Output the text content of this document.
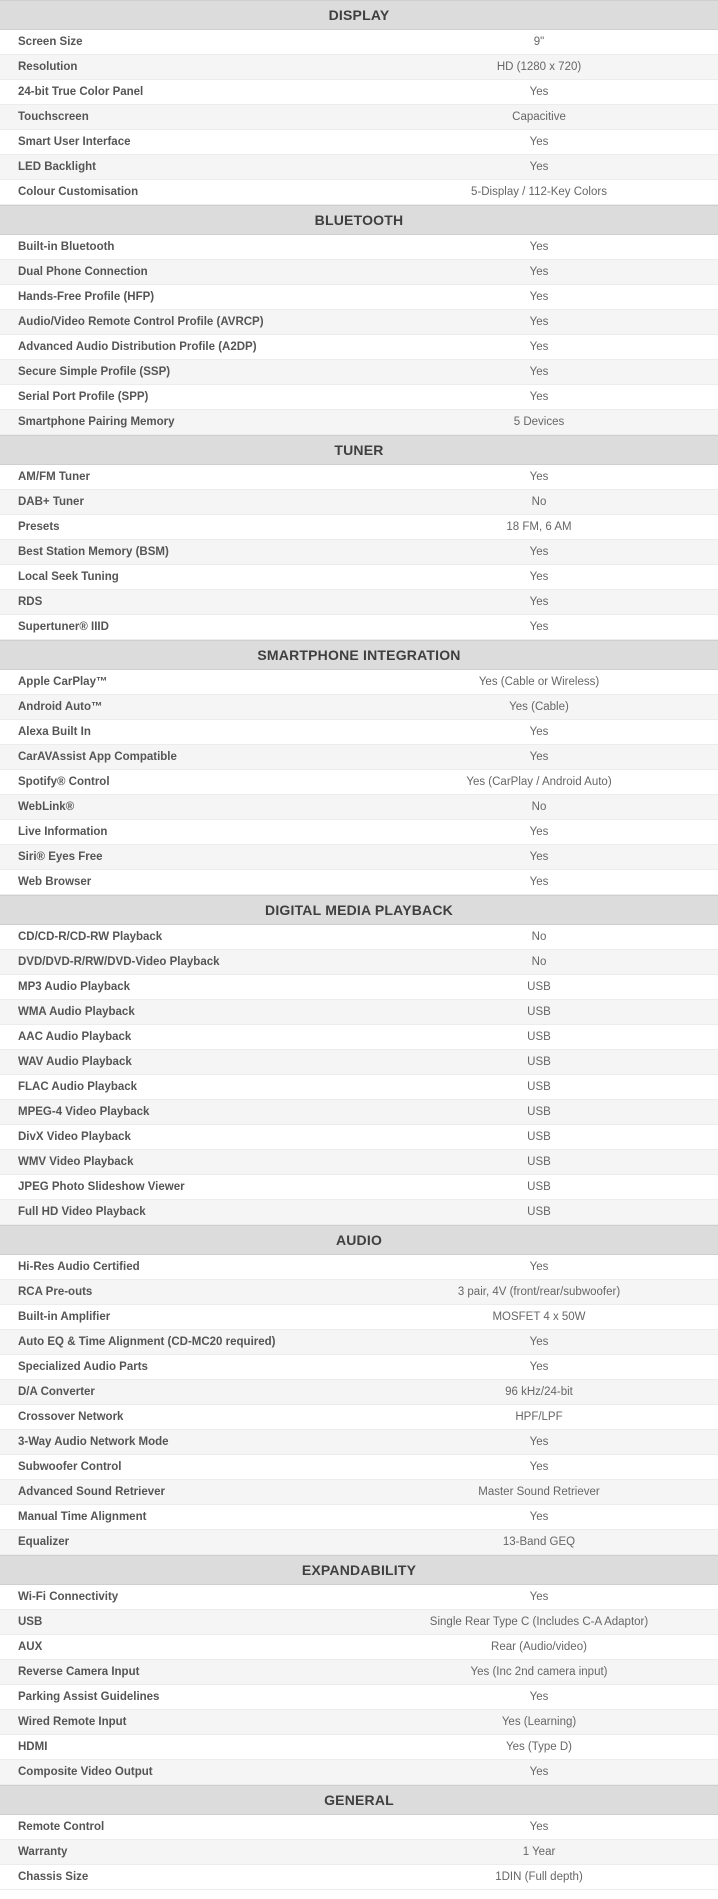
DISPLAY
Screen Size	9"
Resolution	HD (1280 x 720)
24-bit True Color Panel	Yes
Touchscreen	Capacitive
Smart User Interface	Yes
LED Backlight	Yes
Colour Customisation	5-Display / 112-Key Colors
BLUETOOTH
Built-in Bluetooth	Yes
Dual Phone Connection	Yes
Hands-Free Profile (HFP)	Yes
Audio/Video Remote Control Profile (AVRCP)	Yes
Advanced Audio Distribution Profile (A2DP)	Yes
Secure Simple Profile (SSP)	Yes
Serial Port Profile (SPP)	Yes
Smartphone Pairing Memory	5 Devices
TUNER
AM/FM Tuner	Yes
DAB+ Tuner	No
Presets	18 FM, 6 AM
Best Station Memory (BSM)	Yes
Local Seek Tuning	Yes
RDS	Yes
Supertuner® IIID	Yes
SMARTPHONE INTEGRATION
Apple CarPlay™	Yes (Cable or Wireless)
Android Auto™	Yes (Cable)
Alexa Built In	Yes
CarAVAssist App Compatible	Yes
Spotify® Control	Yes (CarPlay / Android Auto)
WebLink®	No
Live Information	Yes
Siri® Eyes Free	Yes
Web Browser	Yes
DIGITAL MEDIA PLAYBACK
CD/CD-R/CD-RW Playback	No
DVD/DVD-R/RW/DVD-Video Playback	No
MP3 Audio Playback	USB
WMA Audio Playback	USB
AAC Audio Playback	USB
WAV Audio Playback	USB
FLAC Audio Playback	USB
MPEG-4 Video Playback	USB
DivX Video Playback	USB
WMV Video Playback	USB
JPEG Photo Slideshow Viewer	USB
Full HD Video Playback	USB
AUDIO
Hi-Res Audio Certified	Yes
RCA Pre-outs	3 pair, 4V (front/rear/subwoofer)
Built-in Amplifier	MOSFET 4 x 50W
Auto EQ & Time Alignment (CD-MC20 required)	Yes
Specialized Audio Parts	Yes
D/A Converter	96 kHz/24-bit
Crossover Network	HPF/LPF
3-Way Audio Network Mode	Yes
Subwoofer Control	Yes
Advanced Sound Retriever	Master Sound Retriever
Manual Time Alignment	Yes
Equalizer	13-Band GEQ
EXPANDABILITY
Wi-Fi Connectivity	Yes
USB	Single Rear Type C (Includes C-A Adaptor)
AUX	Rear (Audio/video)
Reverse Camera Input	Yes (Inc 2nd camera input)
Parking Assist Guidelines	Yes
Wired Remote Input	Yes (Learning)
HDMI	Yes (Type D)
Composite Video Output	Yes
GENERAL
Remote Control	Yes
Warranty	1 Year
Chassis Size	1DIN (Full depth)
